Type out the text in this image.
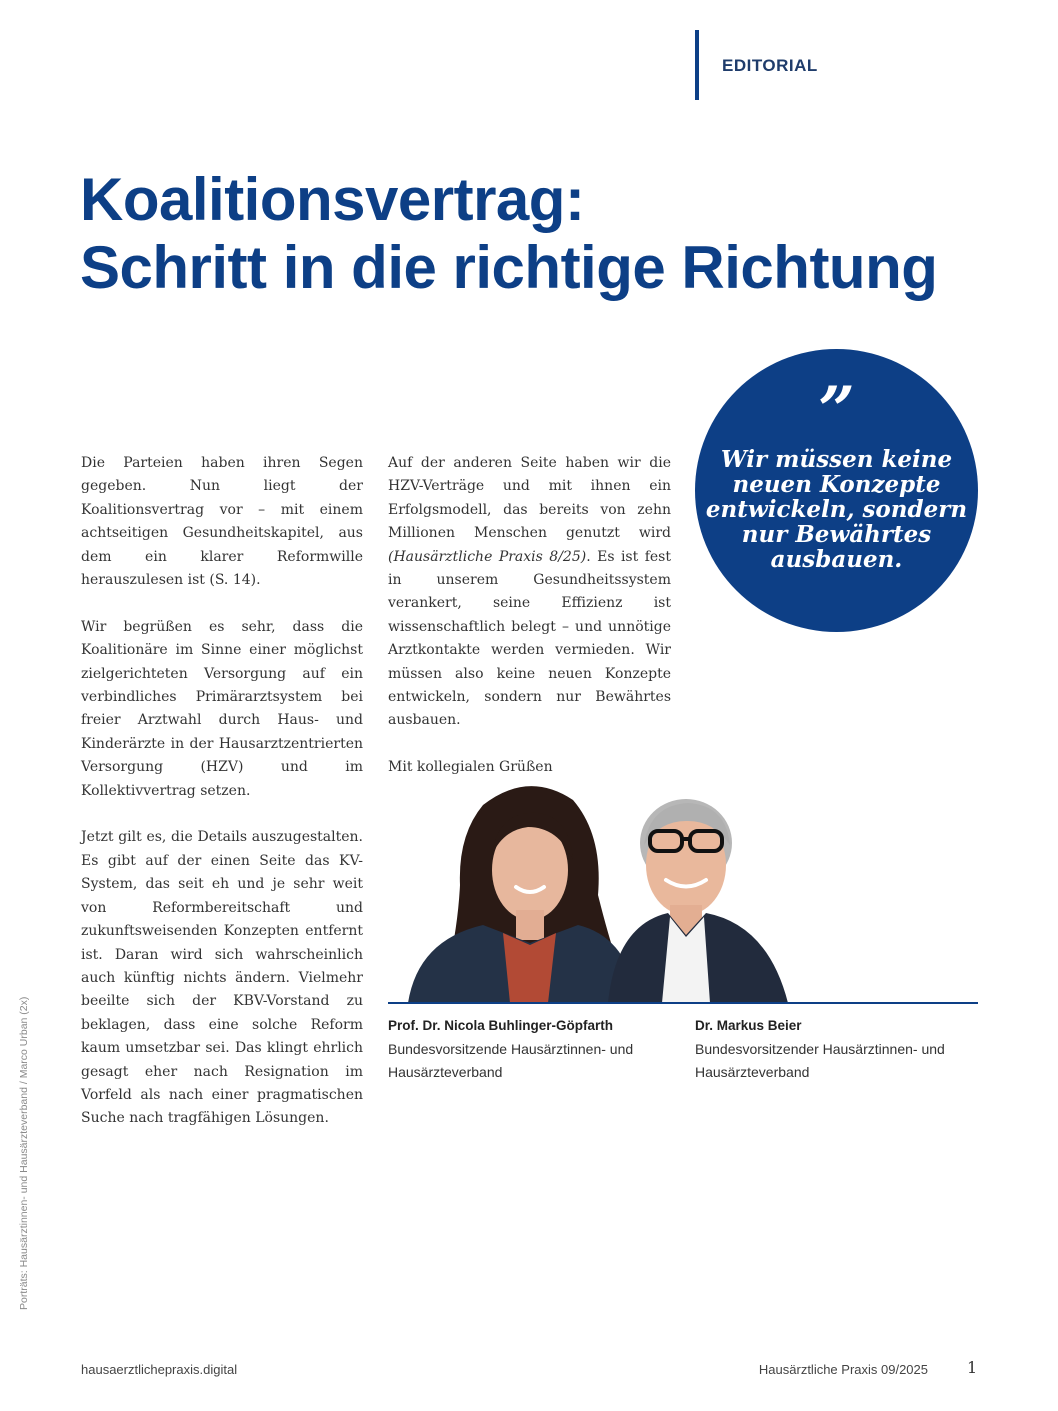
EDITORIAL
Koalitionsvertrag:
Schritt in die richtige Richtung

Die Parteien haben ihren Segen gegeben. Nun liegt der Koalitionsvertrag vor – mit einem achtseitigen Gesundheitskapitel, aus dem ein klarer Reformwille herauszulesen ist (S. 14).

Wir begrüßen es sehr, dass die Koalitionäre im Sinne einer möglichst zielgerichteten Versorgung auf ein verbindliches Primärarztsystem bei freier Arztwahl durch Haus- und Kinderärzte in der Hausarztzentrierten Versorgung (HZV) und im Kollektivvertrag setzen.

Jetzt gilt es, die Details auszugestalten. Es gibt auf der einen Seite das KV-System, das seit eh und je sehr weit von Reformbereitschaft und zukunftsweisenden Konzepten entfernt ist. Daran wird sich wahrscheinlich auch künftig nichts ändern. Vielmehr beeilte sich der KBV-Vorstand zu beklagen, dass eine solche Reform kaum umsetzbar sei. Das klingt ehrlich gesagt eher nach Resignation im Vorfeld als nach einer pragmatischen Suche nach tragfähigen Lösungen.

Auf der anderen Seite haben wir die HZV-Verträge und mit ihnen ein Erfolgsmodell, das bereits von zehn Millionen Menschen genutzt wird (Hausärztliche Praxis 8/25). Es ist fest in unserem Gesundheitssystem verankert, seine Effizienz ist wissenschaftlich belegt – und unnötige Arztkontakte werden vermieden. Wir müssen also keine neuen Konzepte entwickeln, sondern nur Bewährtes ausbauen.

Mit kollegialen Grüßen

”
Wir müssen keine neuen Konzepte entwickeln, sondern nur Bewährtes ausbauen.
Prof. Dr. Nicola Buhlinger-Göpfarth
Bundesvorsitzende Hausärztinnen- und Hausärzteverband
Dr. Markus Beier
Bundesvorsitzender Hausärztinnen- und Hausärzteverband
Porträts: Hausärztinnen- und Hausärzteverband / Marco Urban (2x)
hausaerztlichepraxis.digital	Hausärztliche Praxis 09/2025 1
